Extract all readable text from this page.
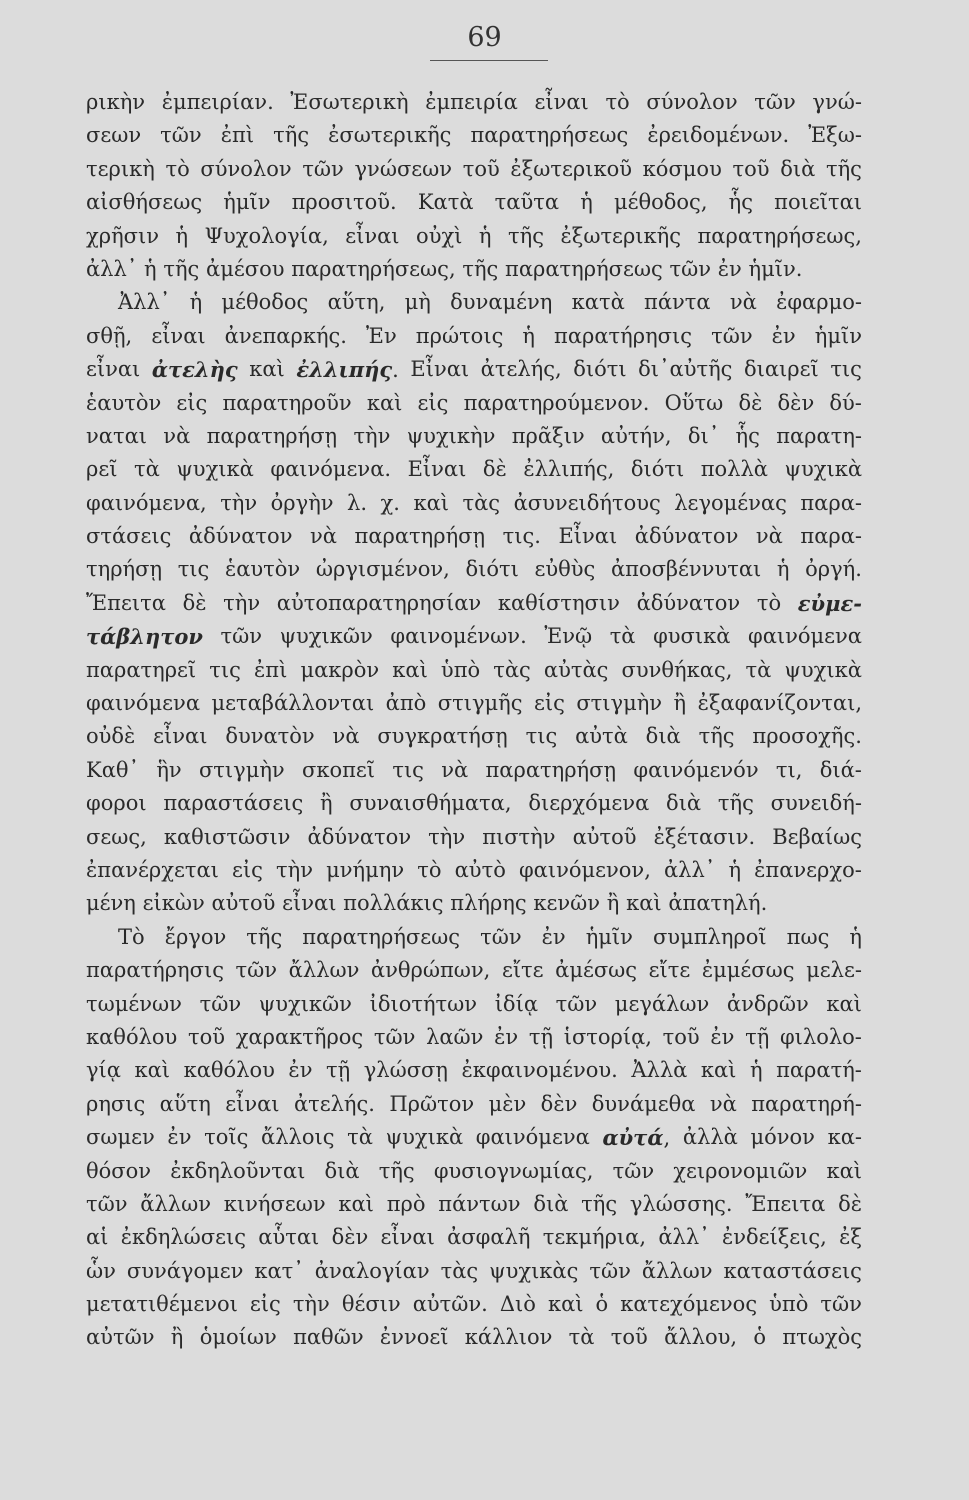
69
ρικὴν ἐμπειρίαν. Ἐσωτερικὴ ἐμπειρία εἶναι τὸ σύνολον τῶν γνώ-
σεων τῶν ἐπὶ τῆς ἐσωτερικῆς παρατηρήσεως ἐρειδομένων. Ἐξω-
τερικὴ τὸ σύνολον τῶν γνώσεων τοῦ ἐξωτερικοῦ κόσμου τοῦ διὰ τῆς
αἰσθήσεως ἡμῖν προσιτοῦ. Κατὰ ταῦτα ἡ μέθοδος, ἧς ποιεῖται
χρῆσιν ἡ Ψυχολογία, εἶναι οὐχὶ ἡ τῆς ἐξωτερικῆς παρατηρήσεως,
ἀλλ᾽ ἡ τῆς ἀμέσου παρατηρήσεως, τῆς παρατηρήσεως τῶν ἐν ἡμῖν.
Ἀλλ᾽ ἡ μέθοδος αὕτη, μὴ δυναμένη κατὰ πάντα νὰ ἐφαρμο-
σθῇ, εἶναι ἀνεπαρκής. Ἐν πρώτοις ἡ παρατήρησις τῶν ἐν ἡμῖν
εἶναι ἀτελὴς καὶ ἐλλιπής. Εἶναι ἀτελής, διότι δι᾽αὐτῆς διαιρεῖ τις
ἑαυτὸν εἰς παρατηροῦν καὶ εἰς παρατηρούμενον. Οὕτω δὲ δὲν δύ-
ναται νὰ παρατηρήσῃ τὴν ψυχικὴν πρᾶξιν αὐτήν, δι᾽ ἧς παρατη-
ρεῖ τὰ ψυχικὰ φαινόμενα. Εἶναι δὲ ἐλλιπής, διότι πολλὰ ψυχικὰ
φαινόμενα, τὴν ὀργὴν λ. χ. καὶ τὰς ἀσυνειδήτους λεγομένας παρα-
στάσεις ἀδύνατον νὰ παρατηρήσῃ τις. Εἶναι ἀδύνατον νὰ παρα-
τηρήσῃ τις ἑαυτὸν ὠργισμένον, διότι εὐθὺς ἀποσβέννυται ἡ ὀργή.
Ἔπειτα δὲ τὴν αὐτοπαρατηρησίαν καθίστησιν ἀδύνατον τὸ εὐμε-
τάβλητον τῶν ψυχικῶν φαινομένων. Ἐνῷ τὰ φυσικὰ φαινόμενα
παρατηρεῖ τις ἐπὶ μακρὸν καὶ ὑπὸ τὰς αὐτὰς συνθήκας, τὰ ψυχικὰ
φαινόμενα μεταβάλλονται ἀπὸ στιγμῆς εἰς στιγμὴν ἢ ἐξαφανίζονται,
οὐδὲ εἶναι δυνατὸν νὰ συγκρατήσῃ τις αὐτὰ διὰ τῆς προσοχῆς.
Καθ᾽ ἣν στιγμὴν σκοπεῖ τις νὰ παρατηρήσῃ φαινόμενόν τι, διά-
φοροι παραστάσεις ἢ συναισθήματα, διερχόμενα διὰ τῆς συνειδή-
σεως, καθιστῶσιν ἀδύνατον τὴν πιστὴν αὐτοῦ ἐξέτασιν. Βεβαίως
ἐπανέρχεται εἰς τὴν μνήμην τὸ αὐτὸ φαινόμενον, ἀλλ᾽ ἡ ἐπανερχο-
μένη εἰκὼν αὐτοῦ εἶναι πολλάκις πλήρης κενῶν ἢ καὶ ἀπατηλή.
Τὸ ἔργον τῆς παρατηρήσεως τῶν ἐν ἡμῖν συμπληροῖ πως ἡ
παρατήρησις τῶν ἄλλων ἀνθρώπων, εἴτε ἀμέσως εἴτε ἐμμέσως μελε-
τωμένων τῶν ψυχικῶν ἰδιοτήτων ἰδίᾳ τῶν μεγάλων ἀνδρῶν καὶ
καθόλου τοῦ χαρακτῆρος τῶν λαῶν ἐν τῇ ἱστορίᾳ, τοῦ ἐν τῇ φιλολο-
γίᾳ καὶ καθόλου ἐν τῇ γλώσσῃ ἐκφαινομένου. Ἀλλὰ καὶ ἡ παρατή-
ρησις αὕτη εἶναι ἀτελής. Πρῶτον μὲν δὲν δυνάμεθα νὰ παρατηρή-
σωμεν ἐν τοῖς ἄλλοις τὰ ψυχικὰ φαινόμενα αὐτά, ἀλλὰ μόνον κα-
θόσον ἐκδηλοῦνται διὰ τῆς φυσιογνωμίας, τῶν χειρονομιῶν καὶ
τῶν ἄλλων κινήσεων καὶ πρὸ πάντων διὰ τῆς γλώσσης. Ἔπειτα δὲ
αἱ ἐκδηλώσεις αὗται δὲν εἶναι ἀσφαλῆ τεκμήρια, ἀλλ᾽ ἐνδείξεις, ἐξ
ὧν συνάγομεν κατ᾽ ἀναλογίαν τὰς ψυχικὰς τῶν ἄλλων καταστάσεις
μετατιθέμενοι εἰς τὴν θέσιν αὐτῶν. Διὸ καὶ ὁ κατεχόμενος ὑπὸ τῶν
αὐτῶν ἢ ὁμοίων παθῶν ἐννοεῖ κάλλιον τὰ τοῦ ἄλλου, ὁ πτωχὸς
